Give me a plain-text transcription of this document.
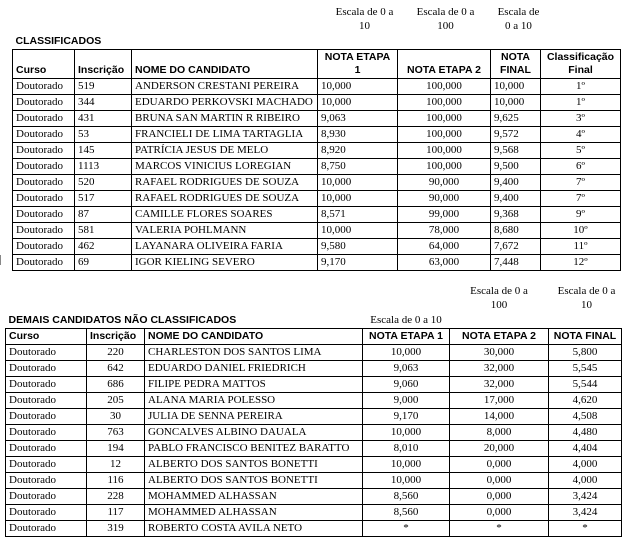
			Escala de 0 a 10	Escala de 0 a 100	Escala de 0 a 10	

CLASSIFICADOS						
Curso	Inscrição	NOME DO CANDIDATO	NOTA ETAPA 1	NOTA ETAPA 2	NOTA FINAL	Classificação Final
Doutorado	519	ANDERSON CRESTANI PEREIRA	10,000	100,000	10,000	1º
Doutorado	344	EDUARDO PERKOVSKI MACHADO	10,000	100,000	10,000	1º
Doutorado	431	BRUNA SAN MARTIN R RIBEIRO	9,063	100,000	9,625	3º
Doutorado	53	FRANCIELI DE LIMA TARTAGLIA	8,930	100,000	9,572	4º
Doutorado	145	PATRÍCIA JESUS DE MELO	8,920	100,000	9,568	5º
Doutorado	1113	MARCOS VINICIUS LOREGIAN	8,750	100,000	9,500	6º
Doutorado	520	RAFAEL RODRIGUES DE SOUZA	10,000	90,000	9,400	7º
Doutorado	517	RAFAEL RODRIGUES DE SOUZA	10,000	90,000	9,400	7º
Doutorado	87	CAMILLE FLORES SOARES	8,571	99,000	9,368	9º
Doutorado	581	VALERIA POHLMANN	10,000	78,000	8,680	10º
Doutorado	462	LAYANARA OLIVEIRA FARIA	9,580	64,000	7,672	11º
Doutorado	69	IGOR KIELING SEVERO	9,170	63,000	7,448	12º

				Escala de 0 a 100	Escala de 0 a 10

DEMAIS CANDIDATOS NÃO CLASSIFICADOS			Escala de 0 a 10		
Curso	Inscrição	NOME DO CANDIDATO	NOTA ETAPA 1	NOTA ETAPA 2	NOTA FINAL
Doutorado	220	CHARLESTON DOS SANTOS LIMA	10,000	30,000	5,800
Doutorado	642	EDUARDO DANIEL FRIEDRICH	9,063	32,000	5,545
Doutorado	686	FILIPE PEDRA MATTOS	9,060	32,000	5,544
Doutorado	205	ALANA MARIA POLESSO	9,000	17,000	4,620
Doutorado	30	JULIA DE SENNA PEREIRA	9,170	14,000	4,508
Doutorado	763	GONCALVES ALBINO DAUALA	10,000	8,000	4,480
Doutorado	194	PABLO FRANCISCO BENITEZ BARATTO	8,010	20,000	4,404
Doutorado	12	ALBERTO DOS SANTOS BONETTI	10,000	0,000	4,000
Doutorado	116	ALBERTO DOS SANTOS BONETTI	10,000	0,000	4,000
Doutorado	228	MOHAMMED ALHASSAN	8,560	0,000	3,424
Doutorado	117	MOHAMMED ALHASSAN	8,560	0,000	3,424
Doutorado	319	ROBERTO COSTA AVILA NETO	*	*	*
